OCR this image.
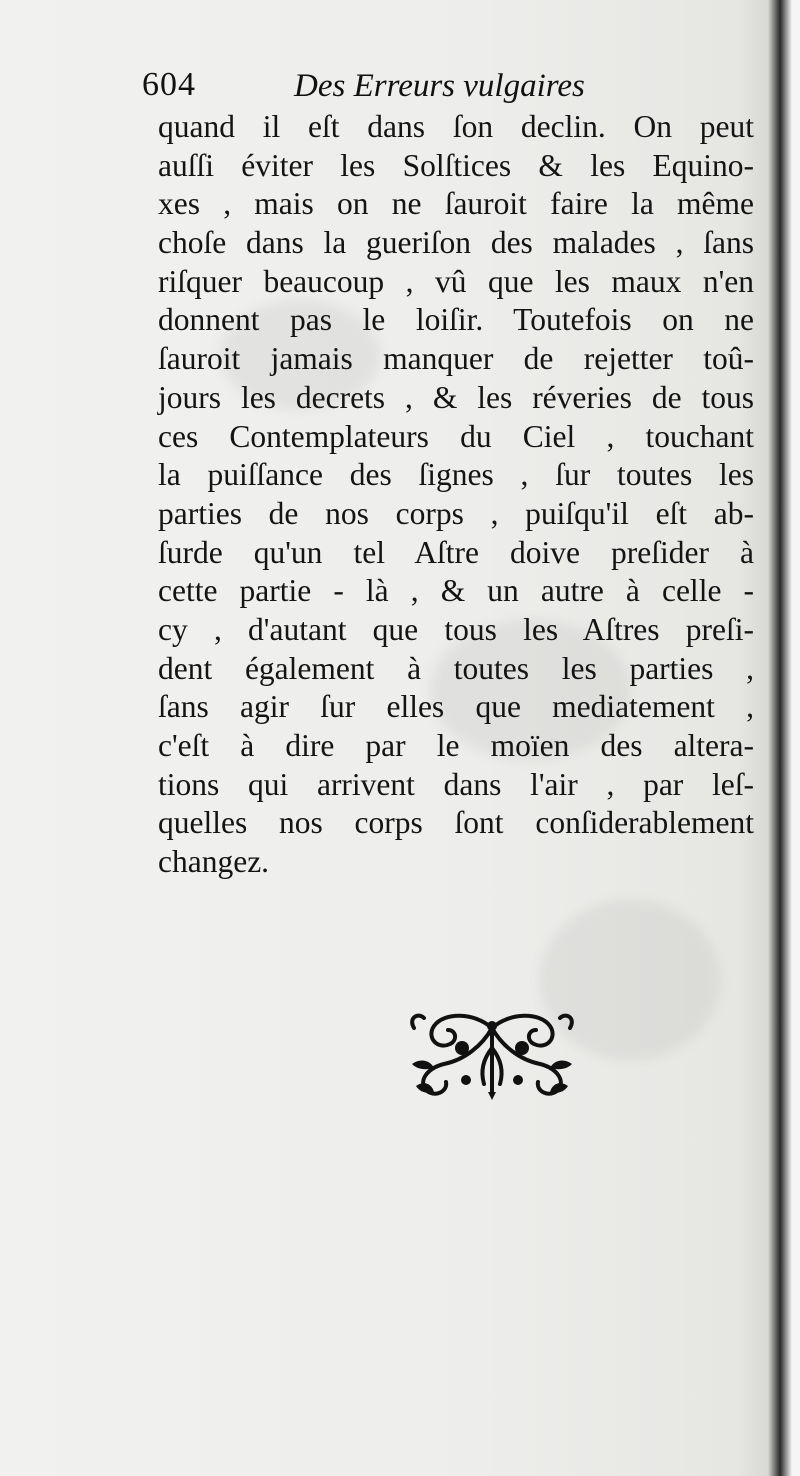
604	Des Erreurs vulgaires
quand il eſt dans ſon declin. On peut
auſſi éviter les Solſtices & les Equino-
xes , mais on ne ſauroit faire la même
choſe dans la gueriſon des malades , ſans
riſquer beaucoup , vû que les maux n'en
donnent pas le loiſir. Toutefois on ne
ſauroit jamais manquer de rejetter toû-
jours les decrets , & les réveries de tous
ces Contemplateurs du Ciel , touchant
la puiſſance des ſignes , ſur toutes les
parties de nos corps , puiſqu'il eſt ab-
ſurde qu'un tel Aſtre doive preſider à
cette partie - là , & un autre à celle -
cy , d'autant que tous les Aſtres preſi-
dent également à toutes les parties ,
ſans agir ſur elles que mediatement ,
c'eſt à dire par le moïen des altera-
tions qui arrivent dans l'air , par leſ-
quelles nos corps ſont conſiderablement
changez.
